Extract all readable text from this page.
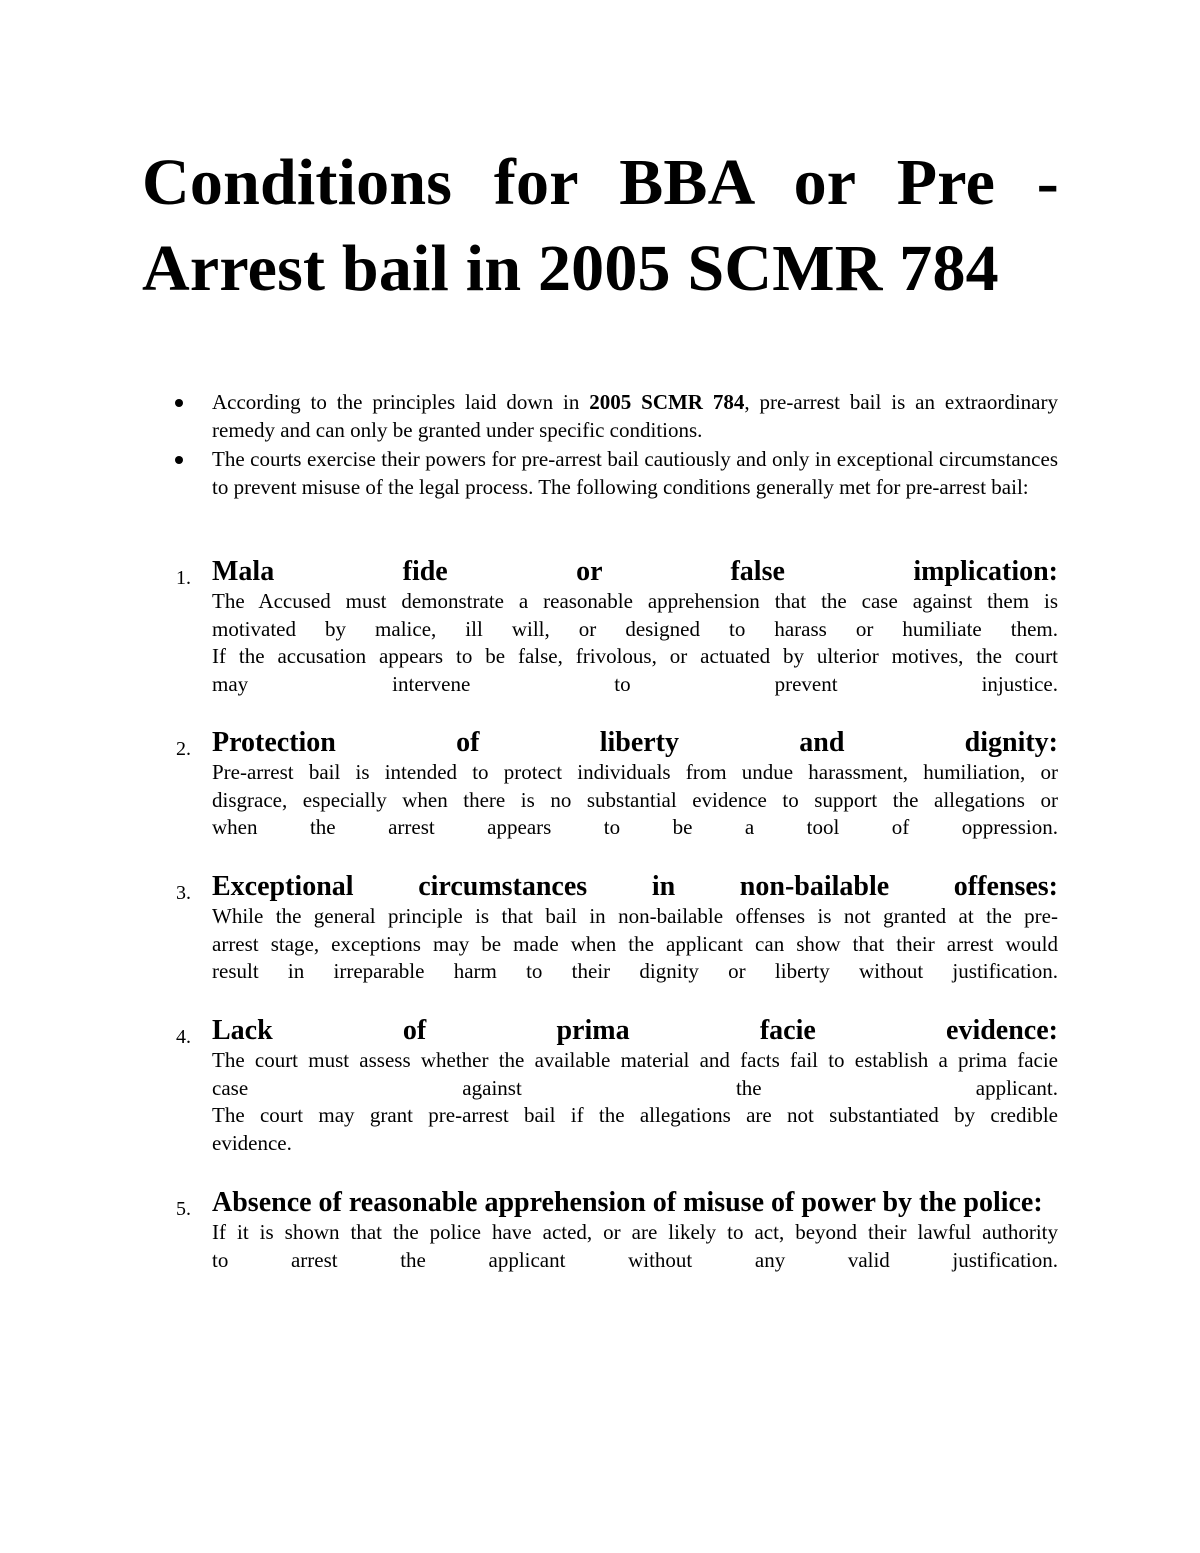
Conditions for BBA or Pre - Arrest bail in 2005 SCMR 784
According to the principles laid down in 2005 SCMR 784, pre-arrest bail is an extraordinary remedy and can only be granted under specific conditions.
The courts exercise their powers for pre-arrest bail cautiously and only in exceptional circumstances to prevent misuse of the legal process. The following conditions generally met for pre-arrest bail:
1. Mala fide or false implication:

The Accused must demonstrate a reasonable apprehension that the case against them is
motivated by malice, ill will, or designed to harass or humiliate them.
If the accusation appears to be false, frivolous, or actuated by ulterior motives, the court
may intervene to prevent injustice.

2. Protection of liberty and dignity:

Pre-arrest bail is intended to protect individuals from undue harassment, humiliation, or
disgrace, especially when there is no substantial evidence to support the allegations or
when the arrest appears to be a tool of oppression.

3. Exceptional circumstances in non-bailable offenses:

While the general principle is that bail in non-bailable offenses is not granted at the pre-
arrest stage, exceptions may be made when the applicant can show that their arrest would
result in irreparable harm to their dignity or liberty without justification.

4. Lack of prima facie evidence:

The court must assess whether the available material and facts fail to establish a prima facie
case against the applicant.
The court may grant pre-arrest bail if the allegations are not substantiated by credible
evidence.

5. Absence of reasonable apprehension of misuse of power by the police:

If it is shown that the police have acted, or are likely to act, beyond their lawful authority
to arrest the applicant without any valid justification.
